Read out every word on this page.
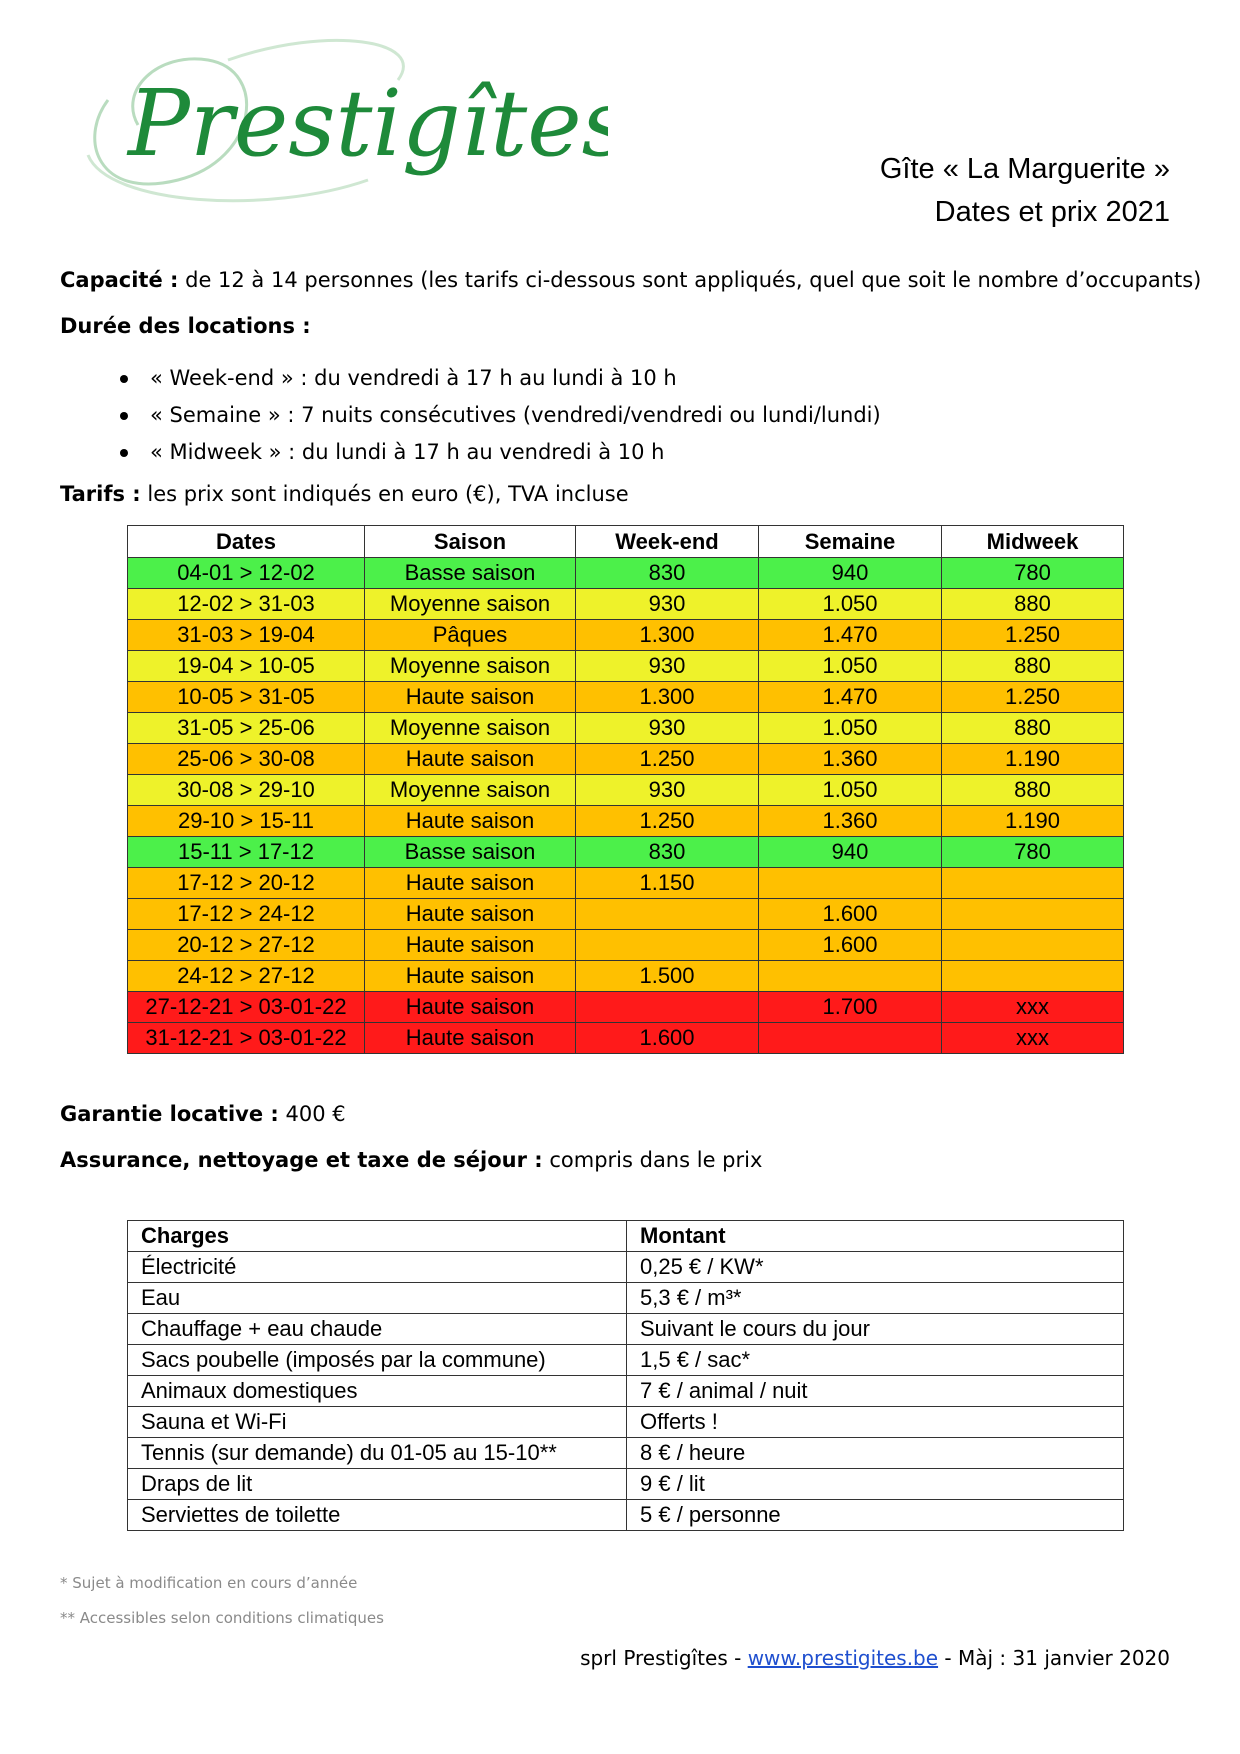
Prestigîtes	Gîte « La Marguerite »
Dates et prix 2021
Capacité : de 12 à 14 personnes (les tarifs ci-dessous sont appliqués, quel que soit le nombre d’occupants)
Durée des locations :
« Week-end » : du vendredi à 17 h au lundi à 10 h
« Semaine » : 7 nuits consécutives (vendredi/vendredi ou lundi/lundi)
« Midweek » : du lundi à 17 h au vendredi à 10 h
Tarifs : les prix sont indiqués en euro (€), TVA incluse
Dates	Saison	Week-end	Semaine	Midweek
04-01 > 12-02	Basse saison	830	940	780
12-02 > 31-03	Moyenne saison	930	1.050	880
31-03 > 19-04	Pâques	1.300	1.470	1.250
19-04 > 10-05	Moyenne saison	930	1.050	880
10-05 > 31-05	Haute saison	1.300	1.470	1.250
31-05 > 25-06	Moyenne saison	930	1.050	880
25-06 > 30-08	Haute saison	1.250	1.360	1.190
30-08 > 29-10	Moyenne saison	930	1.050	880
29-10 > 15-11	Haute saison	1.250	1.360	1.190
15-11 > 17-12	Basse saison	830	940	780
17-12 > 20-12	Haute saison	1.150		
17-12 > 24-12	Haute saison		1.600	
20-12 > 27-12	Haute saison		1.600	
24-12 > 27-12	Haute saison	1.500		
27-12-21 > 03-01-22	Haute saison		1.700	xxx
31-12-21 > 03-01-22	Haute saison	1.600		xxx
Garantie locative : 400 €
Assurance, nettoyage et taxe de séjour : compris dans le prix
Charges	Montant
Électricité	0,25 € / KW*
Eau	5,3 € / m³*
Chauffage + eau chaude	Suivant le cours du jour
Sacs poubelle (imposés par la commune)	1,5 € / sac*
Animaux domestiques	7 € / animal / nuit
Sauna et Wi-Fi	Offerts !
Tennis (sur demande) du 01-05 au 15-10**	8 € / heure
Draps de lit	9 € / lit
Serviettes de toilette	5 € / personne
* Sujet à modification en cours d’année
** Accessibles selon conditions climatiques
sprl Prestigîtes - www.prestigites.be - Màj : 31 janvier 2020
